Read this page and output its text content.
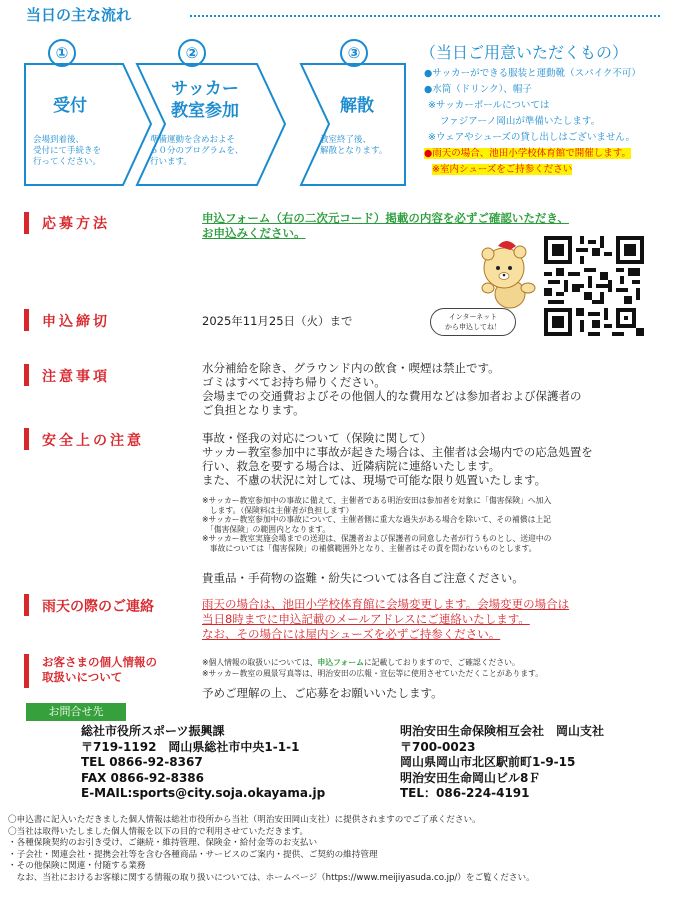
当日の主な流れ
①	②	③
受付
会場到着後、
受付にて手続きを
行ってください。
サッカー
教室参加
準備運動を含めおよそ
６０分のプログラムを、
行います。
解散
教室終了後、
解散となります。
（当日ご用意いただくもの）
●サッカーができる服装と運動靴（スパイク不可）
●水筒（ドリンク）、帽子
※サッカーボールについては
ファジアーノ岡山が準備いたします。
※ウェアやシューズの貸し出しはございません。
●雨天の場合、池田小学校体育館で開催します。
※室内シューズをご持参ください
応募方法	申込フォーム（右の二次元コード）掲載の内容を必ずご確認いただき、
お申込みください。
インターネット
から申込してね！
申込締切	2025年11月25日（火）まで
注意事項
水分補給を除き、グラウンド内の飲食・喫煙は禁止です。
ゴミはすべてお持ち帰りください。
会場までの交通費およびその他個人的な費用などは参加者および保護者の
ご負担となります。
安全上の注意	事故・怪我の対応について（保険に関して）
サッカー教室参加中に事故が起きた場合は、主催者は会場内での応急処置を
行い、救急を要する場合は、近隣病院に連絡いたします。
また、不慮の状況に対しては、現場で可能な限り処置いたします。
※サッカー教室参加中の事故に備えて、主催者である明治安田は参加者を対象に「傷害保険」へ加入
　します。（保険料は主催者が負担します）
※サッカー教室参加中の事故について、主催者側に重大な過失がある場合を除いて、その補償は上記
　「傷害保険」の範囲内となります。
※サッカー教室実施会場までの送迎は、保護者および保護者の同意した者が行うものとし、送迎中の
　事故については「傷害保険」の補償範囲外となり、主催者はその責を問わないものとします。
貴重品・手荷物の盗難・紛失については各自ご注意ください。
雨天の際のご連絡	雨天の場合は、池田小学校体育館に会場変更します。会場変更の場合は
当日8時までに申込記載のメールアドレスにご連絡いたします。
なお、その場合には屋内シューズを必ずご持参ください。
お客さまの個人情報の
取扱いについて
※個人情報の取扱いについては、申込フォームに記載しておりますので、ご確認ください。
※サッカー教室の風景写真等は、明治安田の広報・宣伝等に使用させていただくことがあります。
予めご理解の上、ご応募をお願いいたします。
お問合せ先
総社市役所スポーツ振興課
〒719-1192　岡山県総社市中央1-1-1
TEL 0866-92-8367
FAX 0866-92-8386
E-MAIL:sports@city.soja.okayama.jp
明治安田生命保険相互会社　岡山支社
〒700-0023
岡山県岡山市北区駅前町1-9-15
明治安田生命岡山ビル8Ｆ
TEL：086-224-4191
〇申込書に記入いただきました個人情報は総社市役所から当社（明治安田岡山支社）に提供されますのでご了承ください。
〇当社は取得いたしました個人情報を以下の目的で利用させていただきます。
・各種保険契約のお引き受け、ご継続・維持管理、保険金・給付金等のお支払い
・子会社・関連会社・提携会社等を含む各種商品・サービスのご案内・提供、ご契約の維持管理
・その他保険に関連・付随する業務
　なお、当社におけるお客様に関する情報の取り扱いについては、ホームページ（https://www.meijiyasuda.co.jp/）をご覧ください。
